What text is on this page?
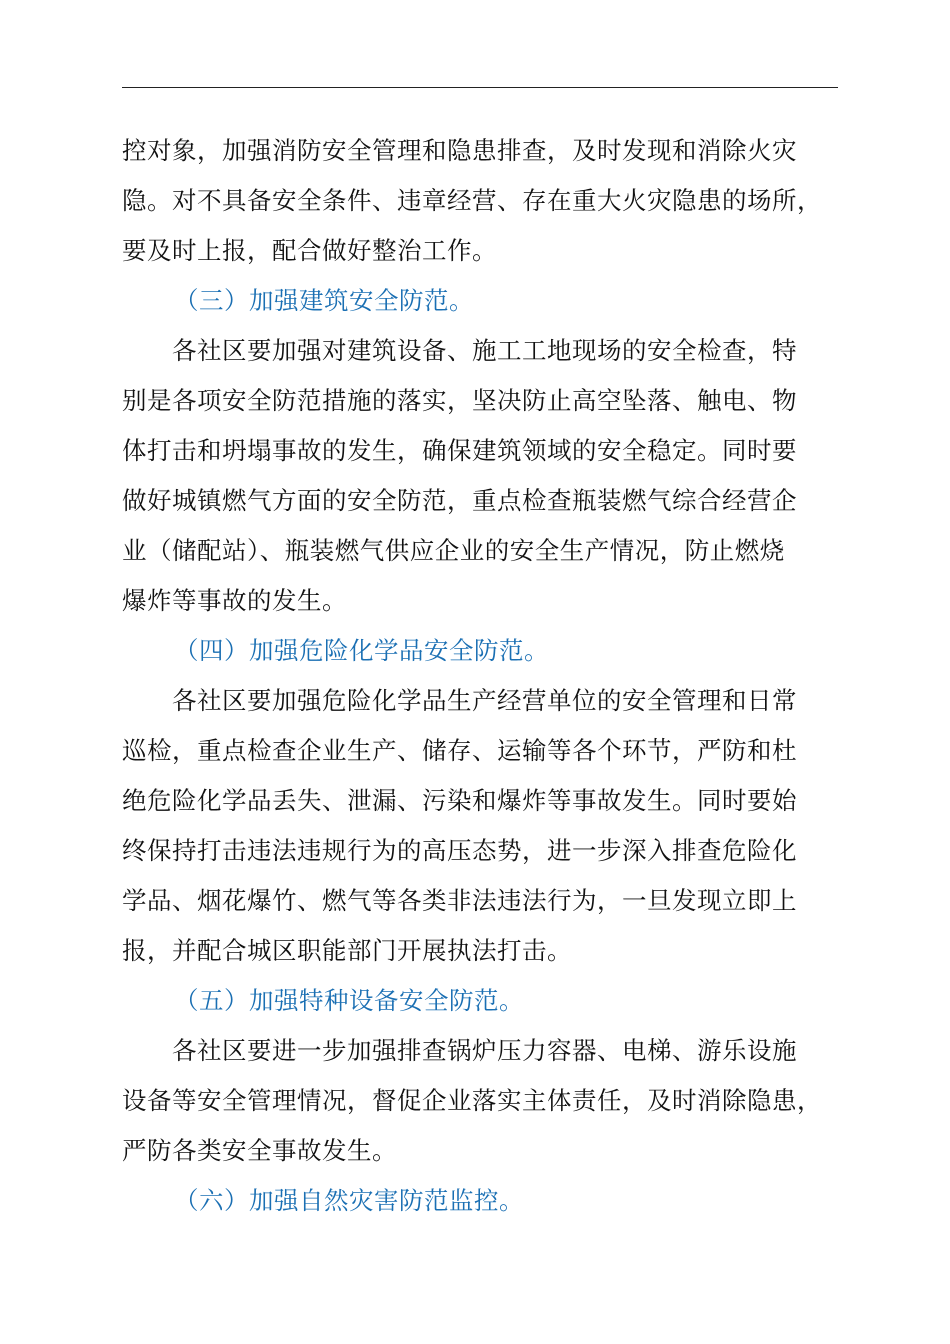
控对象，加强消防安全管理和隐患排查，及时发现和消除火灾
隐。对不具备安全条件、违章经营、存在重大火灾隐患的场所，
要及时上报，配合做好整治工作。
（三）加强建筑安全防范。
各社区要加强对建筑设备、施工工地现场的安全检查，特
别是各项安全防范措施的落实，坚决防止高空坠落、触电、物
体打击和坍塌事故的发生，确保建筑领域的安全稳定。同时要
做好城镇燃气方面的安全防范，重点检查瓶装燃气综合经营企
业（储配站）、瓶装燃气供应企业的安全生产情况，防止燃烧
爆炸等事故的发生。
（四）加强危险化学品安全防范。
各社区要加强危险化学品生产经营单位的安全管理和日常
巡检，重点检查企业生产、储存、运输等各个环节，严防和杜
绝危险化学品丢失、泄漏、污染和爆炸等事故发生。同时要始
终保持打击违法违规行为的高压态势，进一步深入排查危险化
学品、烟花爆竹、燃气等各类非法违法行为，一旦发现立即上
报，并配合城区职能部门开展执法打击。
（五）加强特种设备安全防范。
各社区要进一步加强排查锅炉压力容器、电梯、游乐设施
设备等安全管理情况，督促企业落实主体责任，及时消除隐患，
严防各类安全事故发生。
（六）加强自然灾害防范监控。
